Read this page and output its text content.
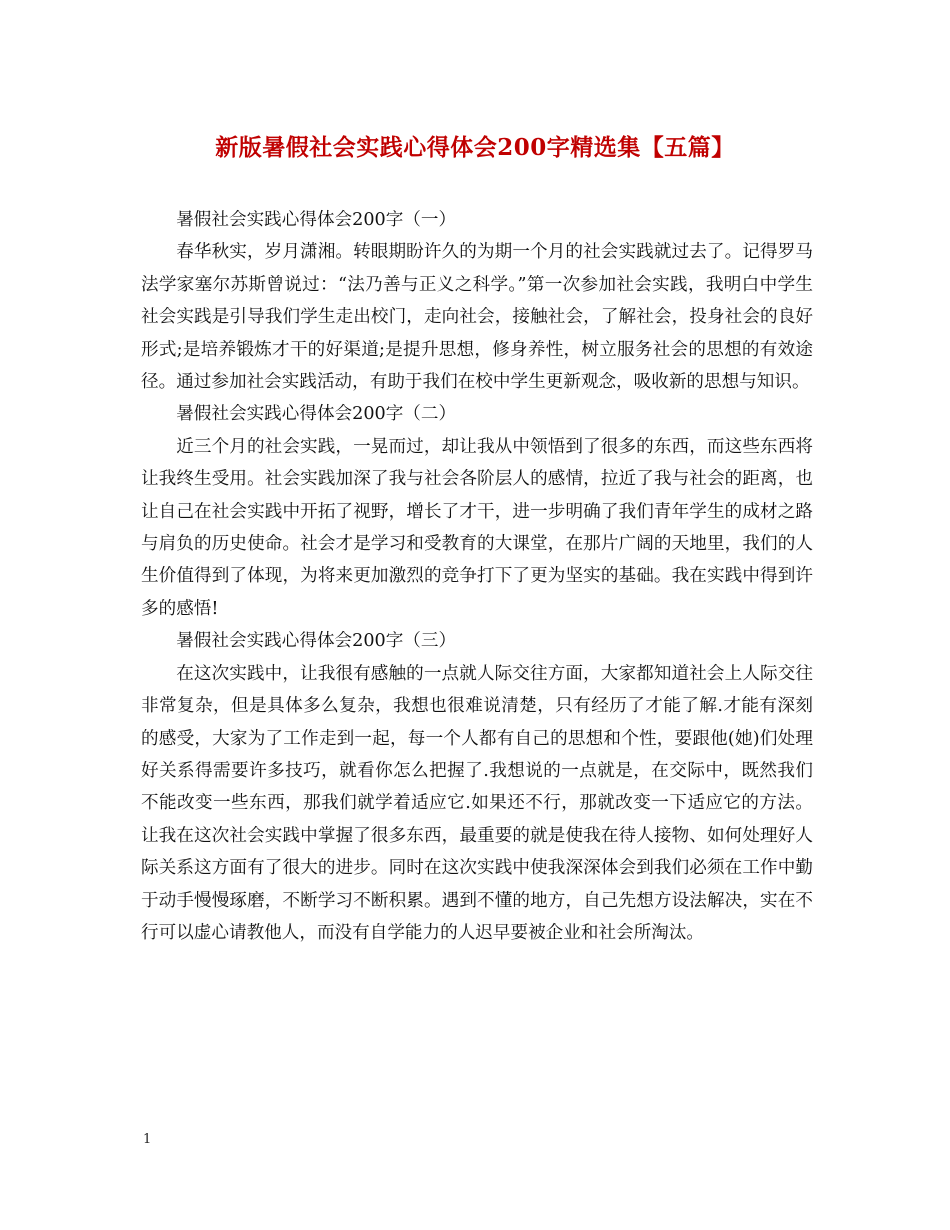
新版暑假社会实践心得体会200字精选集【五篇】

暑假社会实践心得体会200字（一）

春华秋实，岁月潇湘。转眼期盼许久的为期一个月的社会实践就过去了。记得罗马法学家塞尔苏斯曾说过：“法乃善与正义之科学。”第一次参加社会实践，我明白中学生社会实践是引导我们学生走出校门，走向社会，接触社会，了解社会，投身社会的良好形式;是培养锻炼才干的好渠道;是提升思想，修身养性，树立服务社会的思想的有效途径。通过参加社会实践活动，有助于我们在校中学生更新观念，吸收新的思想与知识。

暑假社会实践心得体会200字（二）

近三个月的社会实践，一晃而过，却让我从中领悟到了很多的东西，而这些东西将让我终生受用。社会实践加深了我与社会各阶层人的感情，拉近了我与社会的距离，也让自己在社会实践中开拓了视野，增长了才干，进一步明确了我们青年学生的成材之路与肩负的历史使命。社会才是学习和受教育的大课堂，在那片广阔的天地里，我们的人生价值得到了体现，为将来更加激烈的竞争打下了更为坚实的基础。我在实践中得到许多的感悟!

暑假社会实践心得体会200字（三）

在这次实践中，让我很有感触的一点就人际交往方面，大家都知道社会上人际交往非常复杂，但是具体多么复杂，我想也很难说清楚，只有经历了才能了解.才能有深刻的感受，大家为了工作走到一起，每一个人都有自己的思想和个性，要跟他(她)们处理好关系得需要许多技巧，就看你怎么把握了.我想说的一点就是，在交际中，既然我们不能改变一些东西，那我们就学着适应它.如果还不行，那就改变一下适应它的方法。让我在这次社会实践中掌握了很多东西，最重要的就是使我在待人接物、如何处理好人际关系这方面有了很大的进步。同时在这次实践中使我深深体会到我们必须在工作中勤于动手慢慢琢磨，不断学习不断积累。遇到不懂的地方，自己先想方设法解决，实在不行可以虚心请教他人，而没有自学能力的人迟早要被企业和社会所淘汰。

1
